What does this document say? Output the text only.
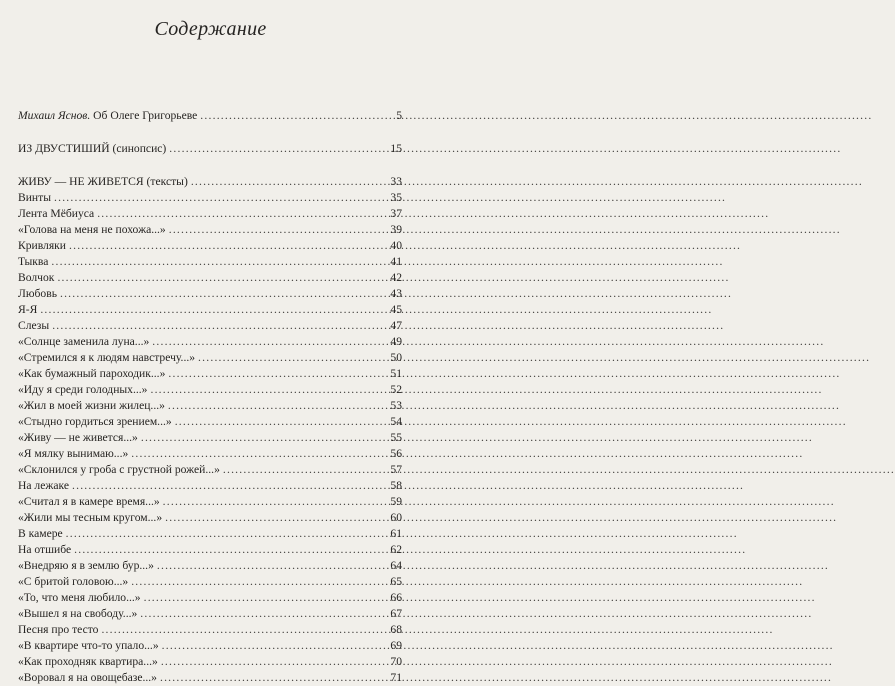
Содержание
Михаил Яснов. Об Олеге Григорьеве .....	5
ИЗ ДВУСТИШИЙ (синопсис) .....	15
ЖИВУ — НЕ ЖИВЕТСЯ (тексты) .....	33
Винты .....	35
Лента Мёбиуса .....	37
«Голова на меня не похожа...» .....	39
Кривляки .....	40
Тыква .....	41
Волчок .....	42
Любовь .....	43
Я-Я .....	45
Слезы .....	47
«Солнце заменила луна...» .....	49
«Стремился я к людям навстречу...» .....	50
«Как бумажный пароходик...» .....	51
«Иду я среди голодных...» .....	52
«Жил в моей жизни жилец...» .....	53
«Стыдно гордиться зрением...» .....	54
«Живу — не живется...» .....	55
«Я мялку вынимаю...» .....	56
«Склонился у гроба с грустной рожей...» .....	57
На лежаке .....	58
«Считал я в камере время...» .....	59
«Жили мы тесным кругом...» .....	60
В камере .....	61
На отшибе .....	62
«Внедряю я в землю бур...» .....	64
«С бритой головою...» .....	65
«То, что меня любило...» .....	66
«Вышел я на свободу...» .....	67
Песня про тесто .....	68
«В квартире что-то упало...» .....	69
«Как проходняк квартира...» .....	70
«Воровал я на овощебазе...» .....	71
